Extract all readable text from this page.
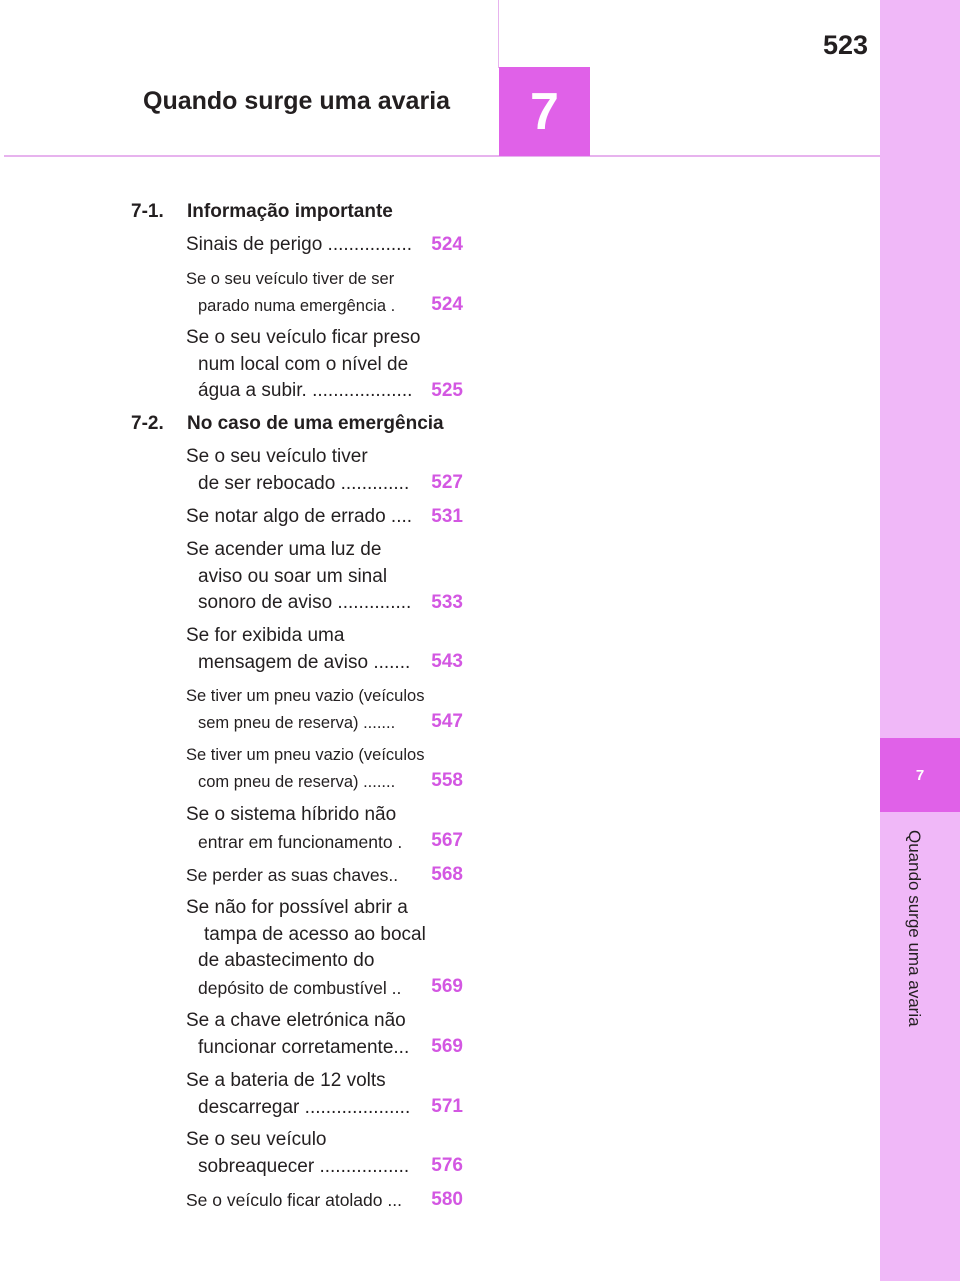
7
Quando surge uma avaria
7
523
Quando surge uma avaria
7-1. Informação importante
Sinais de perigo ................	524
Se o seu veículo tiver de ser
parado numa emergência .	524
Se o seu veículo ficar preso
num local com o nível de
água a subir. ................... 525
7-2. No caso de uma emergência
Se o seu veículo tiver
de ser rebocado .............	527
Se notar algo de errado ....	531
Se acender uma luz de
aviso ou soar um sinal
sonoro de aviso ..............	533
Se for exibida uma
mensagem de aviso .......	543
Se tiver um pneu vazio (veículos
sem pneu de reserva) .......	547
Se tiver um pneu vazio (veículos
com pneu de reserva) .......	558
Se o sistema híbrido não
entrar em funcionamento .	567
Se perder as suas chaves..	568
Se não for possível abrir a
tampa de acesso ao bocal
de abastecimento do
depósito de combustível ..	569
Se a chave eletrónica não
funcionar corretamente...	569
Se a bateria de 12 volts
descarregar ....................	571
Se o seu veículo
sobreaquecer .................	576
Se o veículo ficar atolado ...	580
